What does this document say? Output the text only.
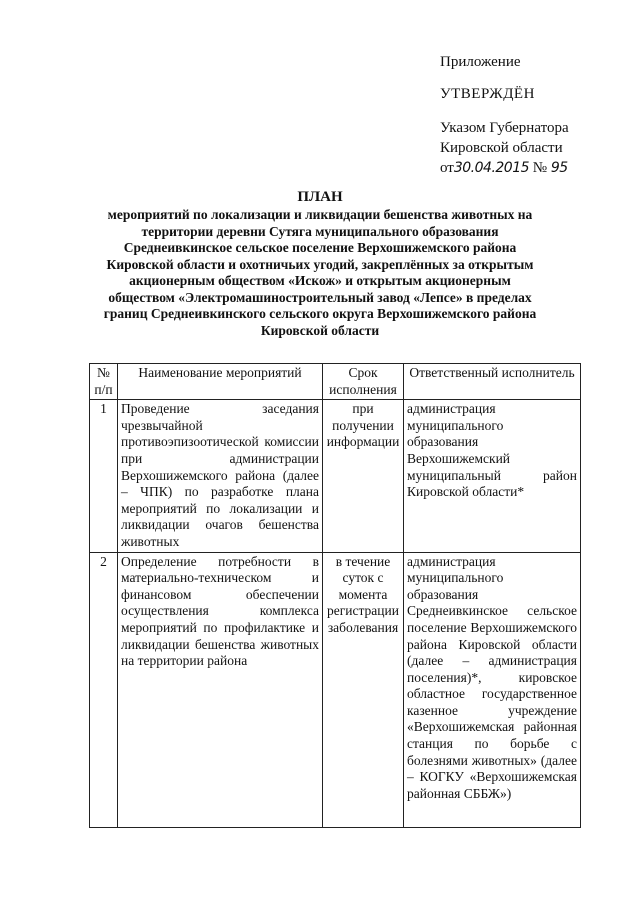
Приложение
УТВЕРЖДЁН
Указом Губернатора
Кировской области
от30.04.2015 № 95
ПЛАН
мероприятий по локализации и ликвидации бешенства животных на территории деревни Сутяга муниципального образования Среднеивкинское сельское поселение Верхошижемского района Кировской области и охотничьих угодий, закреплённых за открытым акционерным обществом «Искож» и открытым акционерным обществом «Электромашиностроительный завод «Лепсе» в пределах границ Среднеивкинского сельского округа Верхошижемского района Кировской области
№ п/п	Наименование мероприятий	Срок исполнения	Ответственный исполнитель
1	Проведение заседания чрезвычайной противоэпизоотической комиссии при администрации Верхошижемского района (далее – ЧПК) по разработке плана мероприятий по локализации и ликвидации очагов бешенства животных	при получении информации	администрация муниципального образования Верхошижемский муниципальный район Кировской области*
2	Определение потребности в материально-техническом и финансовом обеспечении осуществления комплекса мероприятий по профилактике и ликвидации бешенства животных на территории района	в течение суток с момента регистрации заболевания	администрация муниципального образования Среднеивкинское сельское поселение Верхошижемского района Кировской области (далее – администрация поселения)*, кировское областное государственное казенное учреждение «Верхошижемская районная станция по борьбе с болезнями животных» (далее – КОГКУ «Верхошижемская районная СББЖ»)
